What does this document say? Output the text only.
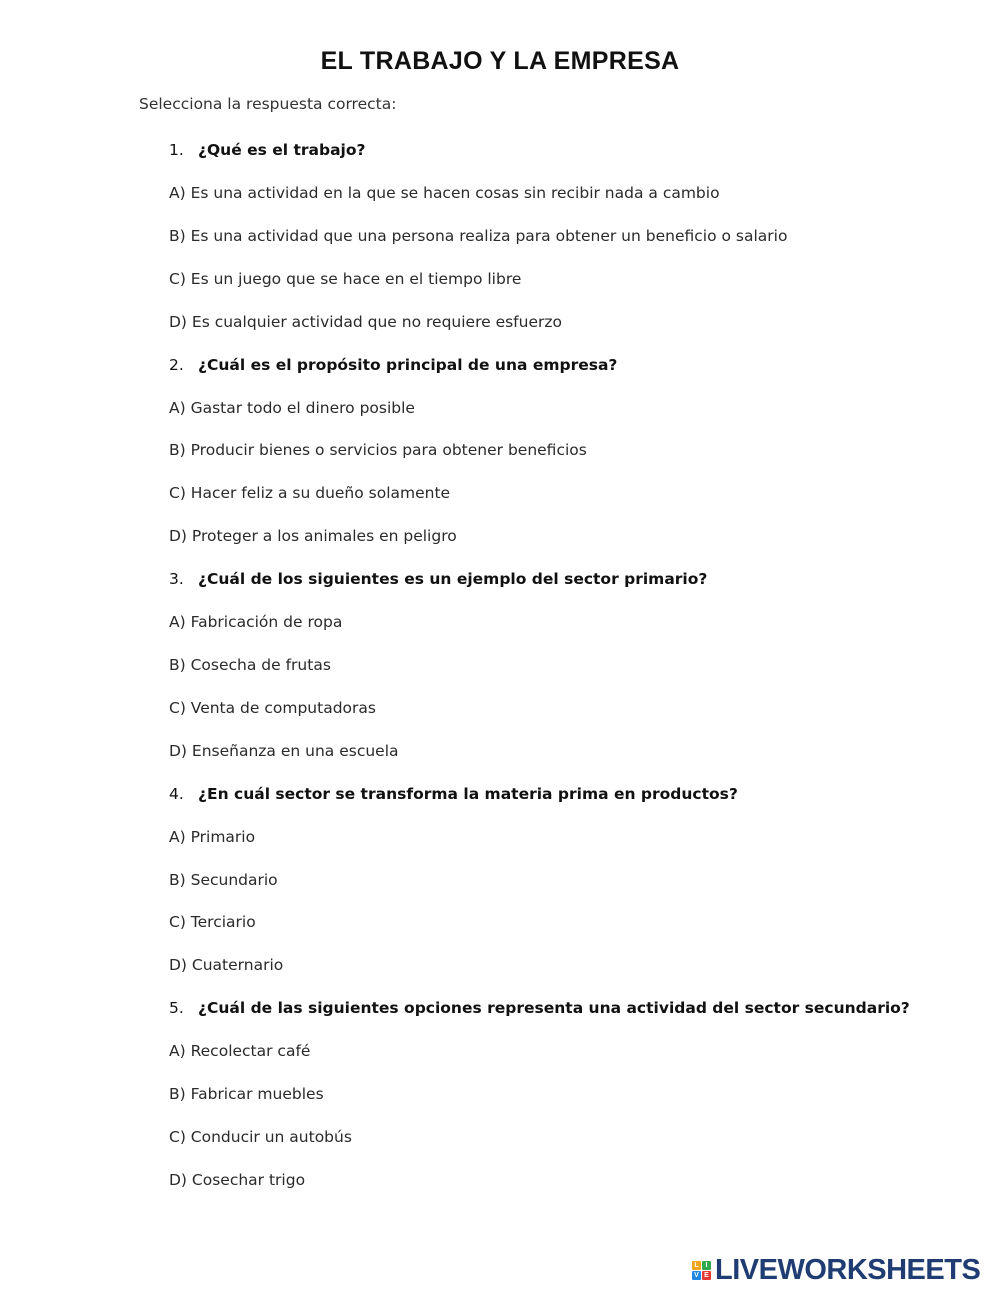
EL TRABAJO Y LA EMPRESA
Selecciona la respuesta correcta:
1. ¿Qué es el trabajo?
A) Es una actividad en la que se hacen cosas sin recibir nada a cambio
B) Es una actividad que una persona realiza para obtener un beneficio o salario
C) Es un juego que se hace en el tiempo libre
D) Es cualquier actividad que no requiere esfuerzo
2. ¿Cuál es el propósito principal de una empresa?
A) Gastar todo el dinero posible
B) Producir bienes o servicios para obtener beneficios
C) Hacer feliz a su dueño solamente
D) Proteger a los animales en peligro
3. ¿Cuál de los siguientes es un ejemplo del sector primario?
A) Fabricación de ropa
B) Cosecha de frutas
C) Venta de computadoras
D) Enseñanza en una escuela
4. ¿En cuál sector se transforma la materia prima en productos?
A) Primario
B) Secundario
C) Terciario
D) Cuaternario
5. ¿Cuál de las siguientes opciones representa una actividad del sector secundario?
A) Recolectar café
B) Fabricar muebles
C) Conducir un autobús
D) Cosechar trigo
L I
V E LIVEWORKSHEETS
